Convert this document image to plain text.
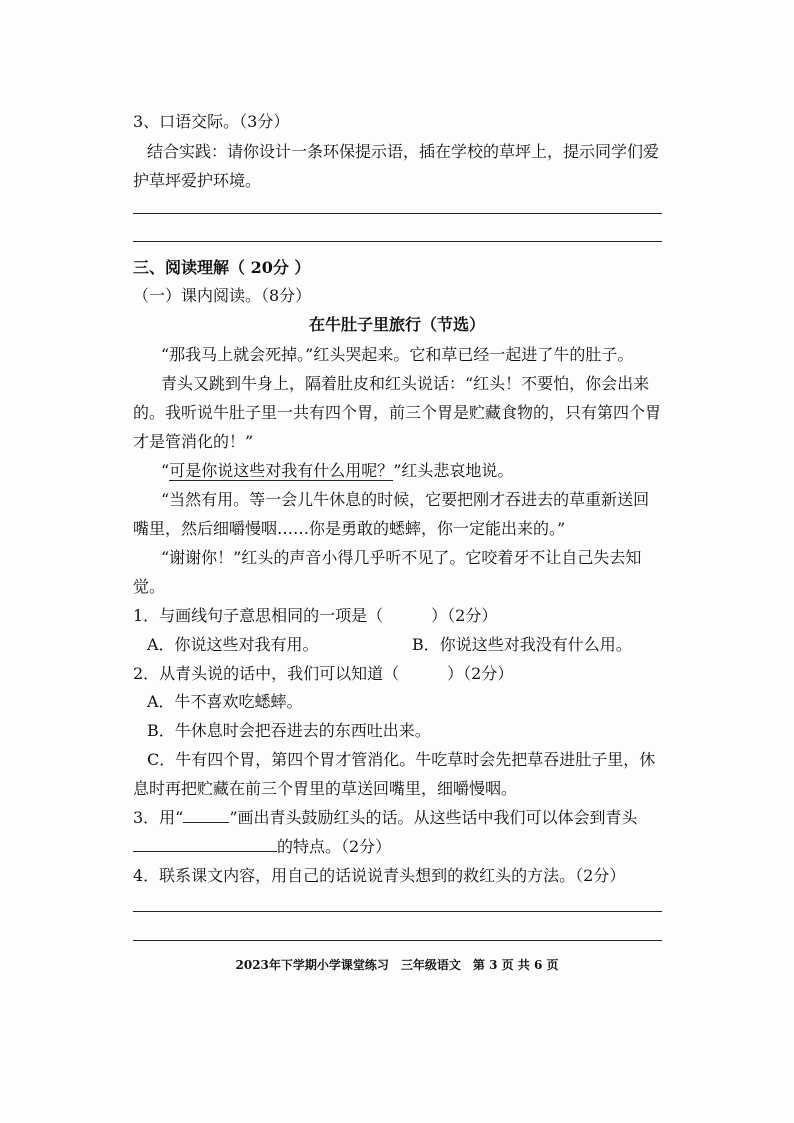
3、口语交际。（3分）
结合实践：请你设计一条环保提示语，插在学校的草坪上，提示同学们爱
护草坪爱护环境。
三、阅读理解（ 20分 ）
（一）课内阅读。（8分）
在牛肚子里旅行（节选）
“那我马上就会死掉。”红头哭起来。它和草已经一起进了牛的肚子。
青头又跳到牛身上，隔着肚皮和红头说话：“红头！不要怕，你会出来
的。我听说牛肚子里一共有四个胃，前三个胃是贮藏食物的，只有第四个胃
才是管消化的！”
“可是你说这些对我有什么用呢？”红头悲哀地说。
“当然有用。等一会儿牛休息的时候，它要把刚才吞进去的草重新送回
嘴里，然后细嚼慢咽……你是勇敢的蟋蟀，你一定能出来的。”
“谢谢你！”红头的声音小得几乎听不见了。它咬着牙不让自己失去知
觉。
1．与画线句子意思相同的一项是（　　　）（2分）
A．你说这些对我有用。	B．你说这些对我没有什么用。
2．从青头说的话中，我们可以知道（　　　）（2分）
A．牛不喜欢吃蟋蟀。
B．牛休息时会把吞进去的东西吐出来。
C．牛有四个胃，第四个胃才管消化。牛吃草时会先把草吞进肚子里，休
息时再把贮藏在前三个胃里的草送回嘴里，细嚼慢咽。
3．用“	”画出青头鼓励红头的话。从这些话中我们可以体会到青头
的特点。（2分）
4．联系课文内容，用自己的话说说青头想到的救红头的方法。（2分）
2023年下学期小学课堂练习　三年级语文　第 3 页 共 6 页
